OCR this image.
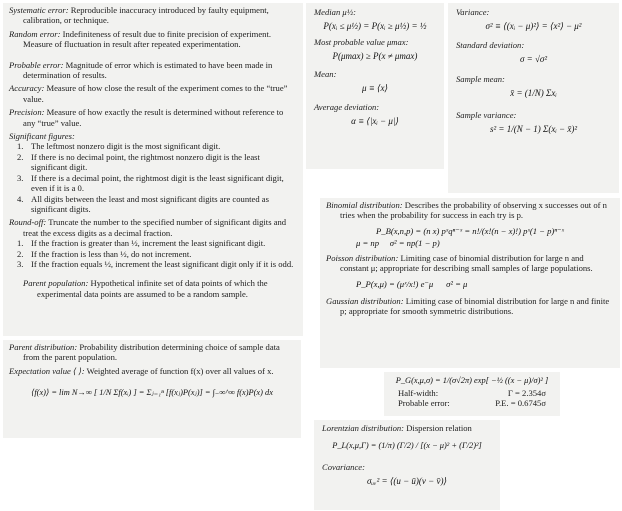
Systematic error: Reproducible inaccuracy introduced by faulty equipment, calibration, or technique.
Random error: Indefiniteness of result due to finite precision of experiment. Measure of fluctuation in result after repeated experimentation.
Probable error: Magnitude of error which is estimated to have been made in determination of results.
Accuracy: Measure of how close the result of the experiment comes to the “true” value.
Precision: Measure of how exactly the result is determined without reference to any “true” value.
Significant figures:
1. The leftmost nonzero digit is the most significant digit.
2. If there is no decimal point, the rightmost nonzero digit is the least significant digit.
3. If there is a decimal point, the rightmost digit is the least significant digit, even if it is a 0.
4. All digits between the least and most significant digits are counted as significant digits.
Round-off: Truncate the number to the specified number of significant digits and treat the excess digits as a decimal fraction.
1. If the fraction is greater than ½, increment the least significant digit.
2. If the fraction is less than ½, do not increment.
3. If the fraction equals ½, increment the least significant digit only if it is odd.
Parent population: Hypothetical infinite set of data points of which the experimental data points are assumed to be a random sample.
Parent distribution: Probability distribution determining choice of sample data from the parent population.
Expectation value ⟨ ⟩: Weighted average of function f(x) over all values of x.
⟨f(x)⟩ = lim N→∞ [ 1/N Σf(xᵢ) ] = Σⱼ₌₁ⁿ [f(xⱼ)P(xⱼ)] = ∫₋∞^∞ f(x)P(x) dx
Median μ½:
P(xᵢ ≤ μ½) = P(xᵢ ≥ μ½) = ½
Most probable value μmax:
P(μmax) ≥ P(x ≠ μmax)
Mean:
μ ≡ ⟨x⟩
Average deviation:
α ≡ ⟨|xᵢ − μ|⟩
Variance:
σ² ≡ ⟨(xᵢ − μ)²⟩ = ⟨x²⟩ − μ²
Standard deviation:
σ = √σ²
Sample mean:
x̄ = (1/N) Σxᵢ
Sample variance:
s² = 1/(N − 1) Σ(xᵢ − x̄)²
Binomial distribution: Describes the probability of observing x successes out of n tries when the probability for success in each try is p.
P_B(x,n,p) = (n x) pˣqⁿ⁻ˣ = n!/(x!(n − x)!) pˣ(1 − p)ⁿ⁻ˣ
μ = np σ² = np(1 − p)
Poisson distribution: Limiting case of binomial distribution for large n and constant μ; appropriate for describing small samples of large populations.
P_P(x,μ) = (μˣ/x!) e⁻μ σ² = μ
Gaussian distribution: Limiting case of binomial distribution for large n and finite p; appropriate for smooth symmetric distributions.
P_G(x,μ,σ) = 1/(σ√2π) exp[ −½ ((x − μ)/σ)² ]
Half-width:	Γ = 2.354σ
Probable error:	P.E. = 0.6745σ
Lorentzian distribution: Dispersion relation
P_L(x,μ,Γ) = (1/π) (Γ/2) / [(x − μ)² + (Γ/2)²]
Covariance:
σᵤᵥ² = ⟨(u − ū)(v − v̄)⟩
